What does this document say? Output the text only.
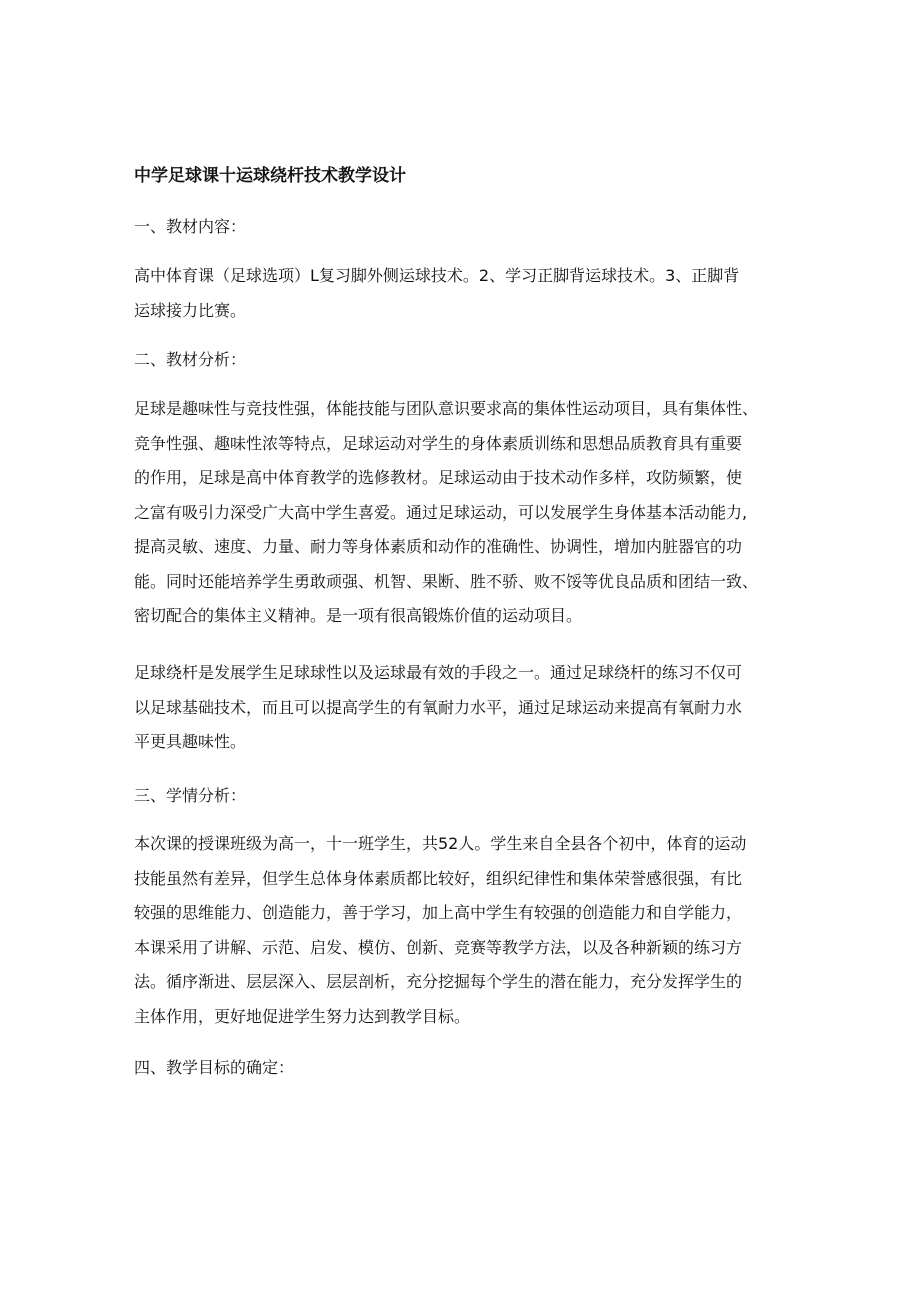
中学足球课十运球绕杆技术教学设计
一、教材内容：
高中体育课（足球选项）L复习脚外侧运球技术。2、学习正脚背运球技术。3、正脚背
运球接力比赛。
二、教材分析：
足球是趣味性与竞技性强，体能技能与团队意识要求高的集体性运动项目，具有集体性、
竞争性强、趣味性浓等特点，足球运动对学生的身体素质训练和思想品质教育具有重要
的作用，足球是高中体育教学的选修教材。足球运动由于技术动作多样，攻防频繁，使
之富有吸引力深受广大高中学生喜爱。通过足球运动，可以发展学生身体基本活动能力,
提高灵敏、速度、力量、耐力等身体素质和动作的准确性、协调性，增加内脏器官的功
能。同时还能培养学生勇敢顽强、机智、果断、胜不骄、败不馁等优良品质和团结一致、
密切配合的集体主义精神。是一项有很高锻炼价值的运动项目。
足球绕杆是发展学生足球球性以及运球最有效的手段之一。通过足球绕杆的练习不仅可
以足球基础技术，而且可以提高学生的有氧耐力水平，通过足球运动来提高有氧耐力水
平更具趣味性。
三、学情分析：
本次课的授课班级为高一，十一班学生，共52人。学生来自全县各个初中，体育的运动
技能虽然有差异，但学生总体身体素质都比较好，组织纪律性和集体荣誉感很强，有比
较强的思维能力、创造能力，善于学习，加上高中学生有较强的创造能力和自学能力，
本课采用了讲解、示范、启发、模仿、创新、竞赛等教学方法，以及各种新颖的练习方
法。循序渐进、层层深入、层层剖析，充分挖掘每个学生的潜在能力，充分发挥学生的
主体作用，更好地促进学生努力达到教学目标。
四、教学目标的确定：
